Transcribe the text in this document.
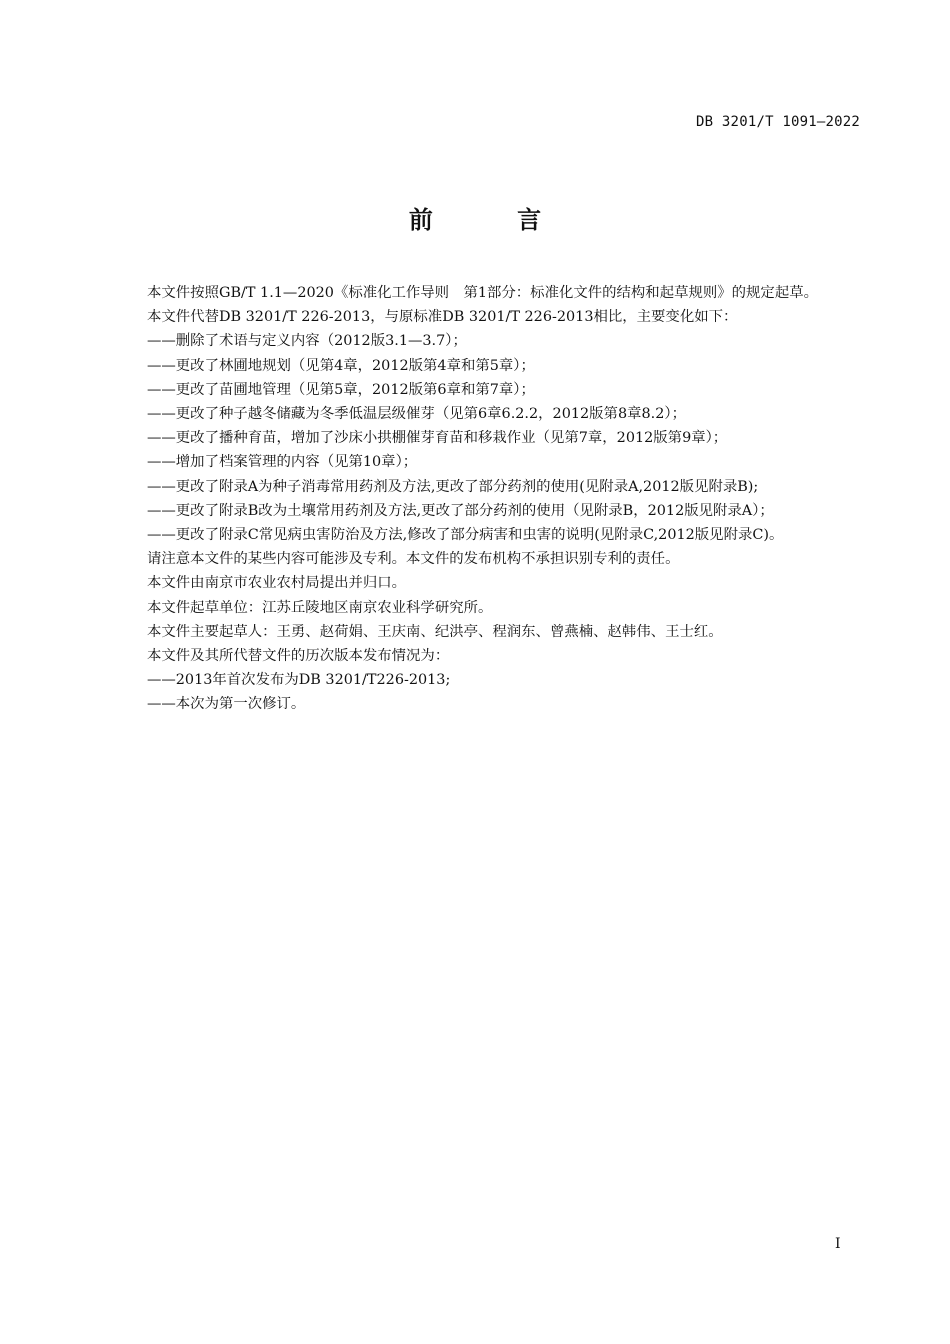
DB 3201/T 1091—2022
前 言

本文件按照GB/T 1.1—2020《标准化工作导则　第1部分：标准化文件的结构和起草规则》的规定起草。

本文件代替DB 3201/T 226-2013，与原标准DB 3201/T 226-2013相比，主要变化如下：

——删除了术语与定义内容（2012版3.1—3.7）；

——更改了林圃地规划（见第4章，2012版第4章和第5章）；

——更改了苗圃地管理（见第5章，2012版第6章和第7章）；

——更改了种子越冬储藏为冬季低温层级催芽（见第6章6.2.2，2012版第8章8.2）；

——更改了播种育苗，增加了沙床小拱棚催芽育苗和移栽作业（见第7章，2012版第9章）；

——增加了档案管理的内容（见第10章）；

——更改了附录A为种子消毒常用药剂及方法,更改了部分药剂的使用(见附录A,2012版见附录B);

——更改了附录B改为土壤常用药剂及方法,更改了部分药剂的使用（见附录B，2012版见附录A）；

——更改了附录C常见病虫害防治及方法,修改了部分病害和虫害的说明(见附录C,2012版见附录C)。

请注意本文件的某些内容可能涉及专利。本文件的发布机构不承担识别专利的责任。

本文件由南京市农业农村局提出并归口。

本文件起草单位：江苏丘陵地区南京农业科学研究所。

本文件主要起草人：王勇、赵荷娟、王庆南、纪洪亭、程润东、曾燕楠、赵韩伟、王士红。

本文件及其所代替文件的历次版本发布情况为：

——2013年首次发布为DB 3201/T226-2013;

——本次为第一次修订。

I
